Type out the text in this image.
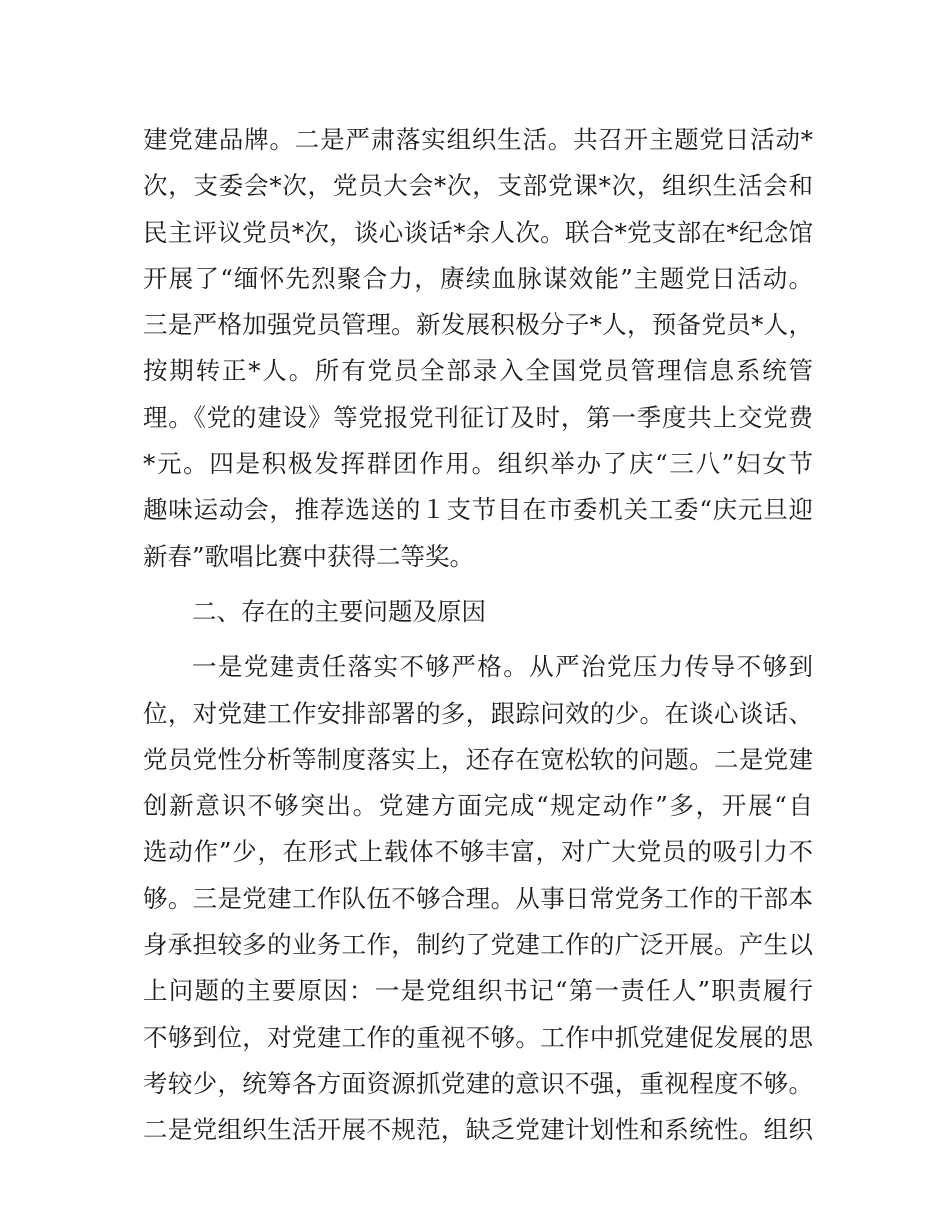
建党建品牌。二是严肃落实组织生活。共召开主题党日活动*
次，支委会*次，党员大会*次，支部党课*次，组织生活会和
民主评议党员*次，谈心谈话*余人次。联合*党支部在*纪念馆
开展了“缅怀先烈聚合力，赓续血脉谋效能”主题党日活动。
三是严格加强党员管理。新发展积极分子*人，预备党员*人，
按期转正*人。所有党员全部录入全国党员管理信息系统管
理。《党的建设》等党报党刊征订及时，第一季度共上交党费
*元。四是积极发挥群团作用。组织举办了庆“三八”妇女节
趣味运动会，推荐选送的１支节目在市委机关工委“庆元旦迎
新春”歌唱比赛中获得二等奖。
二、存在的主要问题及原因
一是党建责任落实不够严格。从严治党压力传导不够到
位，对党建工作安排部署的多，跟踪问效的少。在谈心谈话、
党员党性分析等制度落实上，还存在宽松软的问题。二是党建
创新意识不够突出。党建方面完成“规定动作”多，开展“自
选动作”少，在形式上载体不够丰富，对广大党员的吸引力不
够。三是党建工作队伍不够合理。从事日常党务工作的干部本
身承担较多的业务工作，制约了党建工作的广泛开展。产生以
上问题的主要原因：一是党组织书记“第一责任人”职责履行
不够到位，对党建工作的重视不够。工作中抓党建促发展的思
考较少，统筹各方面资源抓党建的意识不强，重视程度不够。
二是党组织生活开展不规范，缺乏党建计划性和系统性。组织
